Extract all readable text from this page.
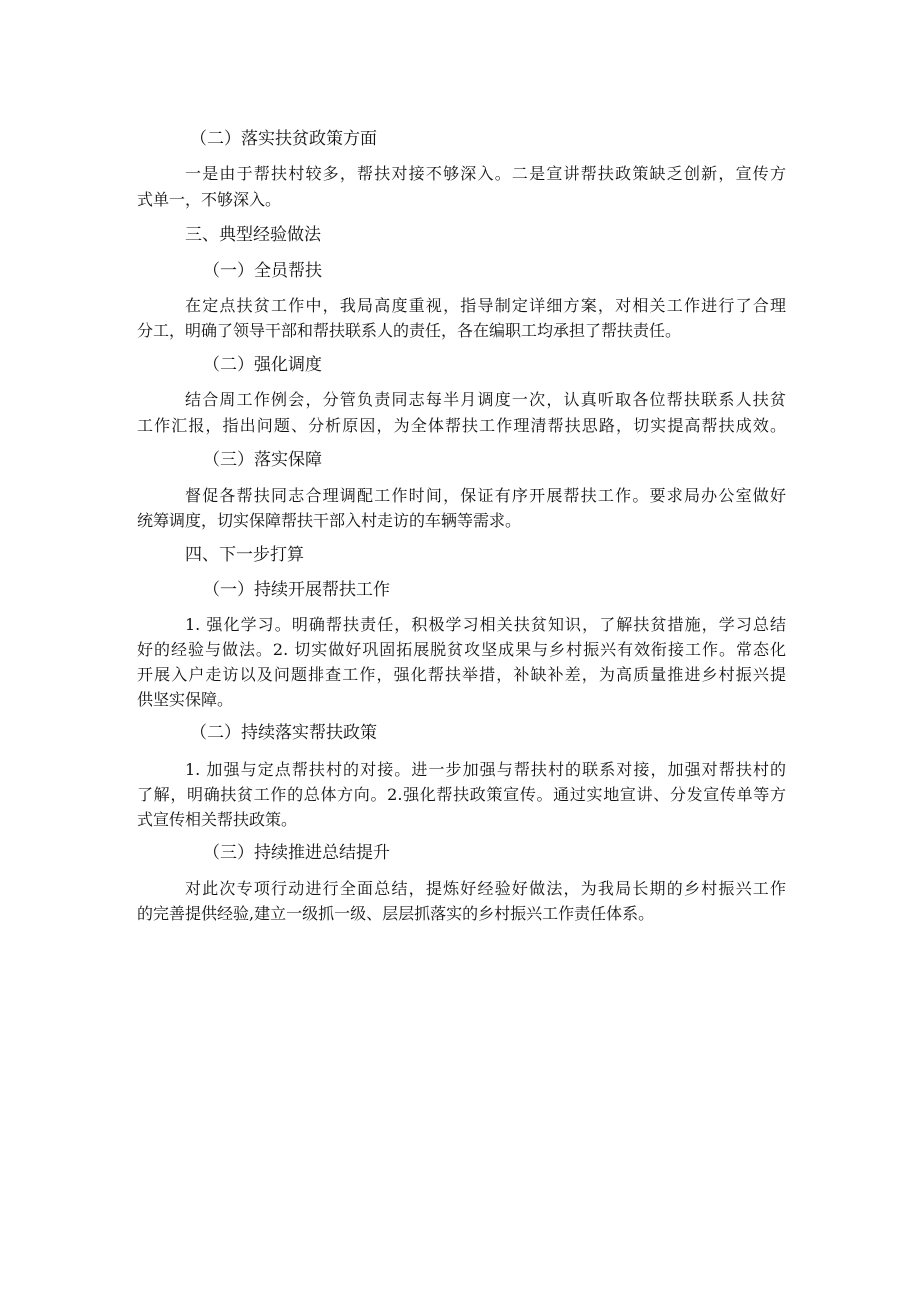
（二）落实扶贫政策方面
一是由于帮扶村较多，帮扶对接不够深入。二是宣讲帮扶政策缺乏创新，宣传方
式单一，不够深入。
三、典型经验做法
（一）全员帮扶
在定点扶贫工作中，我局高度重视，指导制定详细方案，对相关工作进行了合理
分工，明确了领导干部和帮扶联系人的责任，各在编职工均承担了帮扶责任。
（二）强化调度
结合周工作例会，分管负责同志每半月调度一次，认真听取各位帮扶联系人扶贫
工作汇报，指出问题、分析原因，为全体帮扶工作理清帮扶思路，切实提高帮扶成效。
（三）落实保障
督促各帮扶同志合理调配工作时间，保证有序开展帮扶工作。要求局办公室做好
统筹调度，切实保障帮扶干部入村走访的车辆等需求。
四、下一步打算
（一）持续开展帮扶工作
1. 强化学习。明确帮扶责任，积极学习相关扶贫知识，了解扶贫措施，学习总结
好的经验与做法。2. 切实做好巩固拓展脱贫攻坚成果与乡村振兴有效衔接工作。常态化
开展入户走访以及问题排查工作，强化帮扶举措，补缺补差，为高质量推进乡村振兴提
供坚实保障。
（二）持续落实帮扶政策
1. 加强与定点帮扶村的对接。进一步加强与帮扶村的联系对接，加强对帮扶村的
了解，明确扶贫工作的总体方向。2.强化帮扶政策宣传。通过实地宣讲、分发宣传单等方
式宣传相关帮扶政策。
（三）持续推进总结提升
对此次专项行动进行全面总结，提炼好经验好做法，为我局长期的乡村振兴工作
的完善提供经验,建立一级抓一级、层层抓落实的乡村振兴工作责任体系。
